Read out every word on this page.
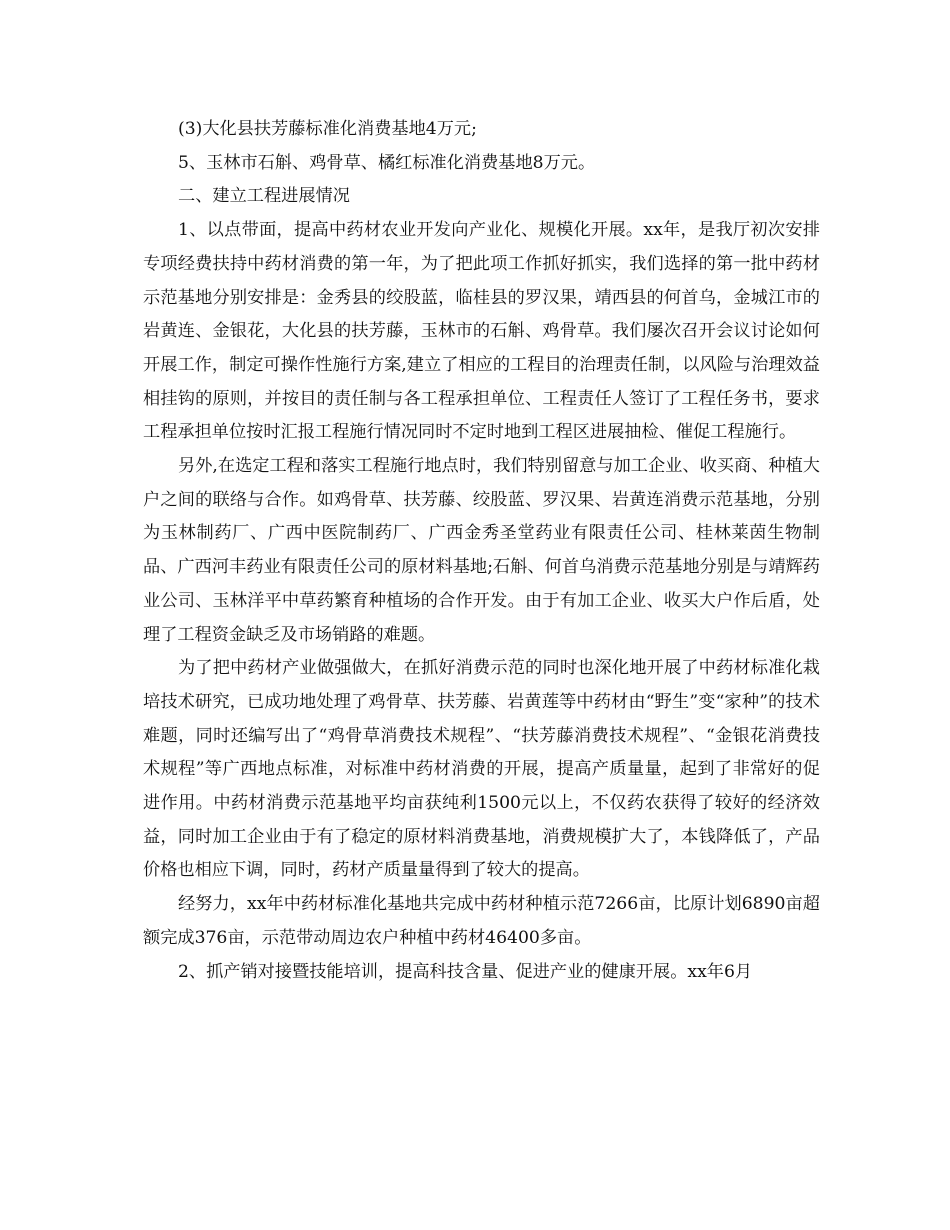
(3)大化县扶芳藤标准化消费基地4万元;

5、玉林市石斛、鸡骨草、橘红标准化消费基地8万元。

二、建立工程进展情况

1、以点带面，提高中药材农业开发向产业化、规模化开展。xx年，是我厅初次安排专项经费扶持中药材消费的第一年，为了把此项工作抓好抓实，我们选择的第一批中药材示范基地分别安排是：金秀县的绞股蓝，临桂县的罗汉果，靖西县的何首乌，金城江市的岩黄连、金银花，大化县的扶芳藤，玉林市的石斛、鸡骨草。我们屡次召开会议讨论如何开展工作，制定可操作性施行方案,建立了相应的工程目的治理责任制，以风险与治理效益相挂钩的原则，并按目的责任制与各工程承担单位、工程责任人签订了工程任务书，要求工程承担单位按时汇报工程施行情况同时不定时地到工程区进展抽检、催促工程施行。

另外,在选定工程和落实工程施行地点时，我们特别留意与加工企业、收买商、种植大户之间的联络与合作。如鸡骨草、扶芳藤、绞股蓝、罗汉果、岩黄连消费示范基地，分别为玉林制药厂、广西中医院制药厂、广西金秀圣堂药业有限责任公司、桂林莱茵生物制品、广西河丰药业有限责任公司的原材料基地;石斛、何首乌消费示范基地分别是与靖辉药业公司、玉林洋平中草药繁育种植场的合作开发。由于有加工企业、收买大户作后盾，处理了工程资金缺乏及市场销路的难题。

为了把中药材产业做强做大，在抓好消费示范的同时也深化地开展了中药材标准化栽培技术研究，已成功地处理了鸡骨草、扶芳藤、岩黄莲等中药材由“野生”变“家种”的技术难题，同时还编写出了“鸡骨草消费技术规程”、“扶芳藤消费技术规程”、“金银花消费技术规程”等广西地点标准，对标准中药材消费的开展，提高产质量量，起到了非常好的促进作用。中药材消费示范基地平均亩获纯利1500元以上，不仅药农获得了较好的经济效益，同时加工企业由于有了稳定的原材料消费基地，消费规模扩大了，本钱降低了，产品价格也相应下调，同时，药材产质量量得到了较大的提高。

经努力，xx年中药材标准化基地共完成中药材种植示范7266亩，比原计划6890亩超额完成376亩，示范带动周边农户种植中药材46400多亩。

2、抓产销对接暨技能培训，提高科技含量、促进产业的健康开展。xx年6月
